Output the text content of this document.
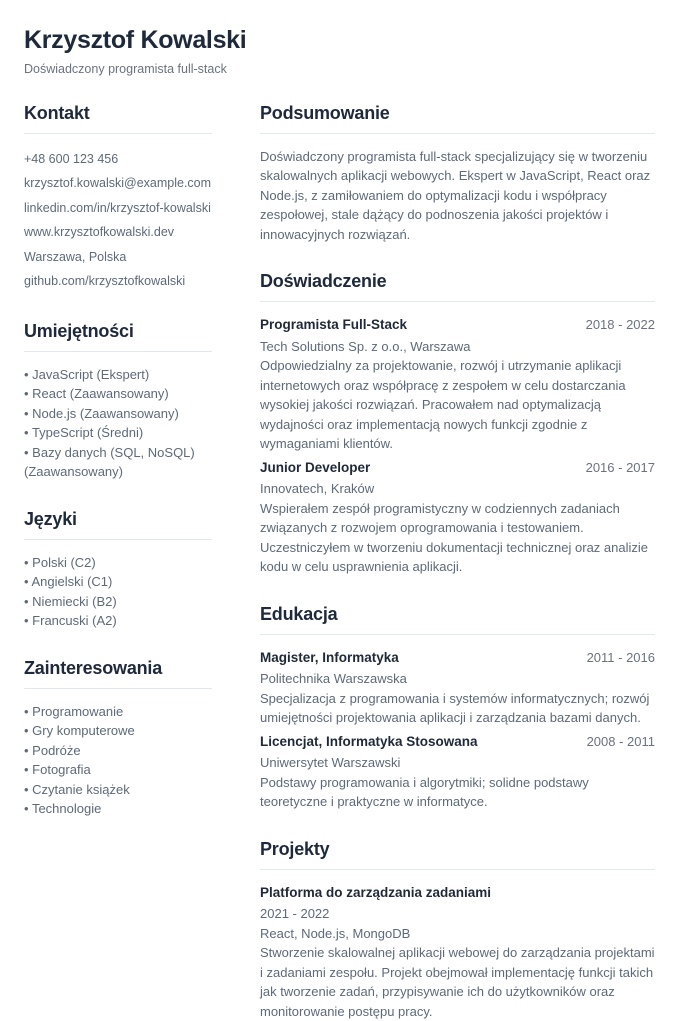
Krzysztof Kowalski

Doświadczony programista full-stack

Kontakt
+48 600 123 456
krzysztof.kowalski@example.com
linkedin.com/in/krzysztof-kowalski
www.krzysztofkowalski.dev
Warszawa, Polska
github.com/krzysztofkowalski
Umiejętności
• JavaScript (Ekspert)
• React (Zaawansowany)
• Node.js (Zaawansowany)
• TypeScript (Średni)
• Bazy danych (SQL, NoSQL) (Zaawansowany)
Języki
• Polski (C2)
• Angielski (C1)
• Niemiecki (B2)
• Francuski (A2)
Zainteresowania
• Programowanie
• Gry komputerowe
• Podróże
• Fotografia
• Czytanie książek
• Technologie
Podsumowanie

Doświadczony programista full-stack specjalizujący się w tworzeniu skalowalnych aplikacji webowych. Ekspert w JavaScript, React oraz Node.js, z zamiłowaniem do optymalizacji kodu i współpracy zespołowej, stale dążący do podnoszenia jakości projektów i innowacyjnych rozwiązań.

Doświadczenie
Programista Full-Stack	2018 - 2022
Tech Solutions Sp. z o.o., Warszawa
Odpowiedzialny za projektowanie, rozwój i utrzymanie aplikacji internetowych oraz współpracę z zespołem w celu dostarczania wysokiej jakości rozwiązań. Pracowałem nad optymalizacją wydajności oraz implementacją nowych funkcji zgodnie z wymaganiami klientów.
Junior Developer	2016 - 2017
Innovatech, Kraków
Wspierałem zespół programistyczny w codziennych zadaniach związanych z rozwojem oprogramowania i testowaniem. Uczestniczyłem w tworzeniu dokumentacji technicznej oraz analizie kodu w celu usprawnienia aplikacji.
Edukacja
Magister, Informatyka	2011 - 2016
Politechnika Warszawska
Specjalizacja z programowania i systemów informatycznych; rozwój umiejętności projektowania aplikacji i zarządzania bazami danych.
Licencjat, Informatyka Stosowana	2008 - 2011
Uniwersytet Warszawski
Podstawy programowania i algorytmiki; solidne podstawy teoretyczne i praktyczne w informatyce.
Projekty
Platforma do zarządzania zadaniami
2021 - 2022
React, Node.js, MongoDB
Stworzenie skalowalnej aplikacji webowej do zarządzania projektami i zadaniami zespołu. Projekt obejmował implementację funkcji takich jak tworzenie zadań, przypisywanie ich do użytkowników oraz monitorowanie postępu pracy.
